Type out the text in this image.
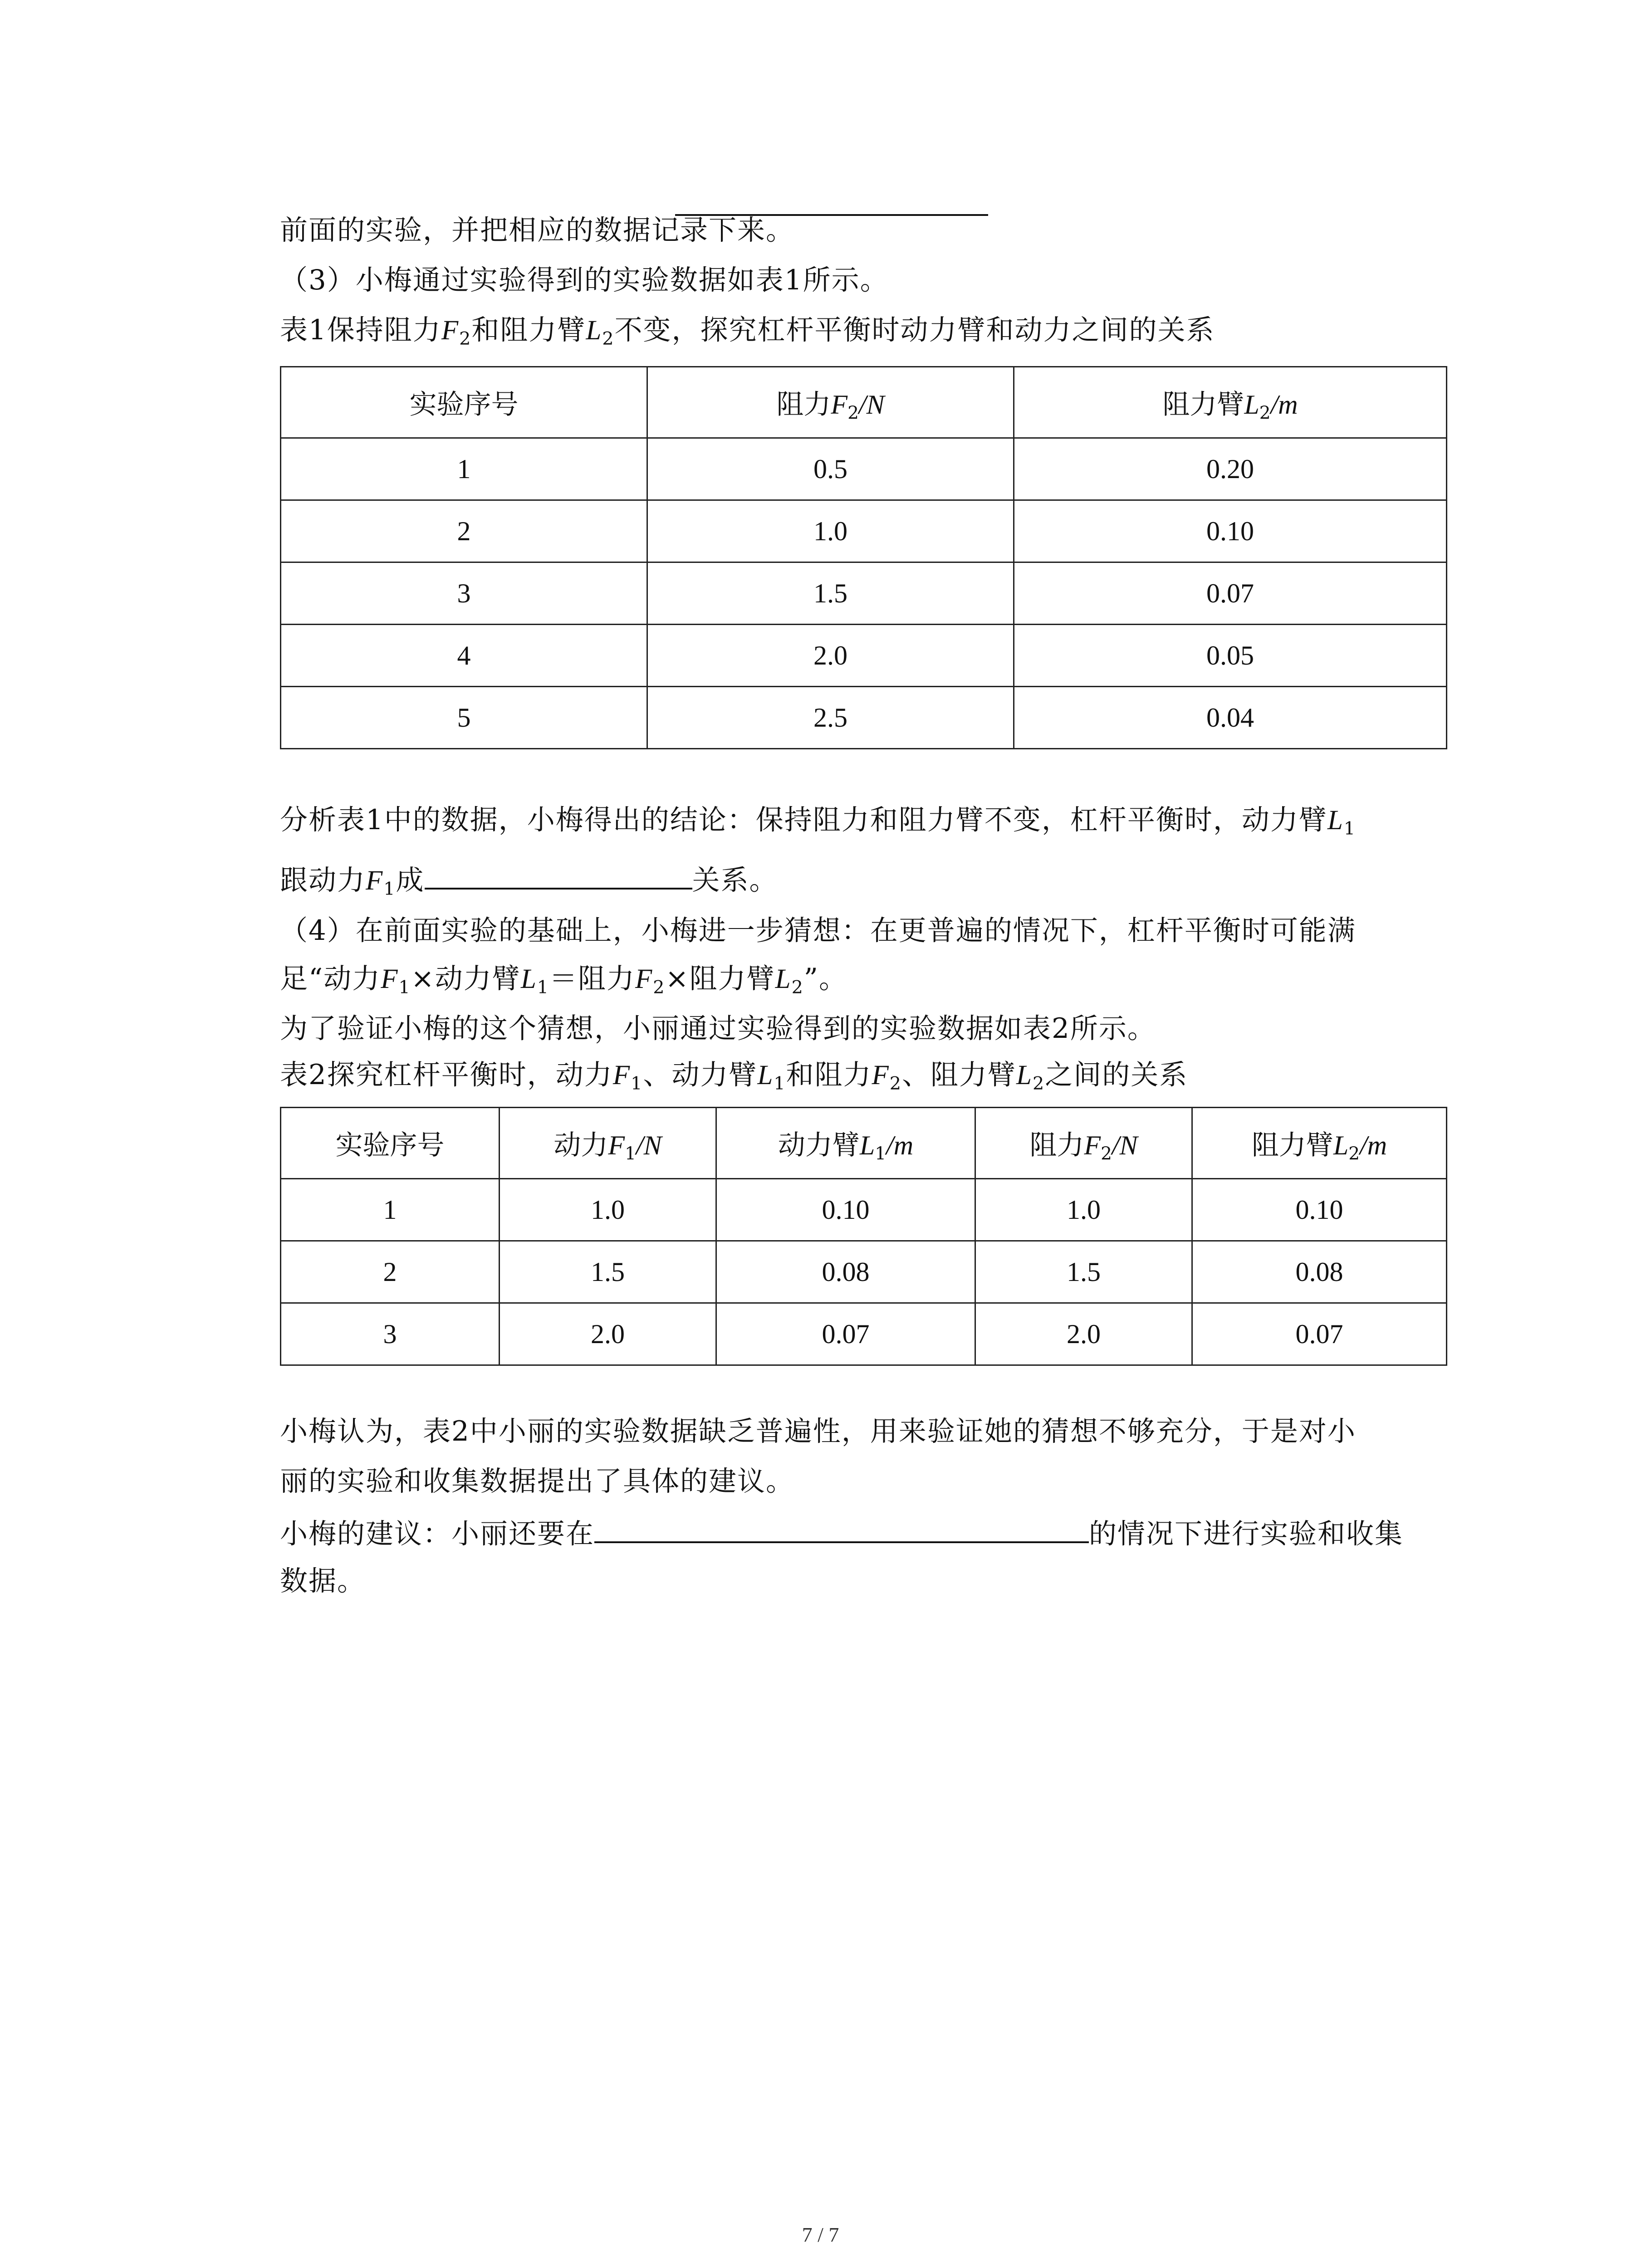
前面的实验，并把相应的数据记录下来。
（3）小梅通过实验得到的实验数据如表1所示。
表1保持阻力$F_2$和阻力臂$L_2$不变，探究杠杆平衡时动力臂和动力之间的关系
实验序号	阻力$F_2/N$	阻力臂$L_2/m$
1	0.5	0.20
2	1.0	0.10
3	1.5	0.07
4	2.0	0.05
5	2.5	0.04
分析表1中的数据，小梅得出的结论：保持阻力和阻力臂不变，杠杆平衡时，动力臂$L_1$
跟动力$F_1$成	关系。
（4）在前面实验的基础上，小梅进一步猜想：在更普遍的情况下，杠杆平衡时可能满
足“动力$F_1\times$动力臂$L_1=$阻力$F_2\times$阻力臂$L_2$”。
为了验证小梅的这个猜想，小丽通过实验得到的实验数据如表2所示。
表2探究杠杆平衡时，动力$F_1$、动力臂$L_1$和阻力$F_2$、阻力臂$L_2$之间的关系
实验序号	动力$F_1/N$	动力臂$L_1/m$	阻力$F_2/N$	阻力臂$L_2/m$
1	1.0	0.10	1.0	0.10
2	1.5	0.08	1.5	0.08
3	2.0	0.07	2.0	0.07
小梅认为，表2中小丽的实验数据缺乏普遍性，用来验证她的猜想不够充分，于是对小
丽的实验和收集数据提出了具体的建议。
小梅的建议：小丽还要在	的情况下进行实验和收集
数据。
7 / 7
